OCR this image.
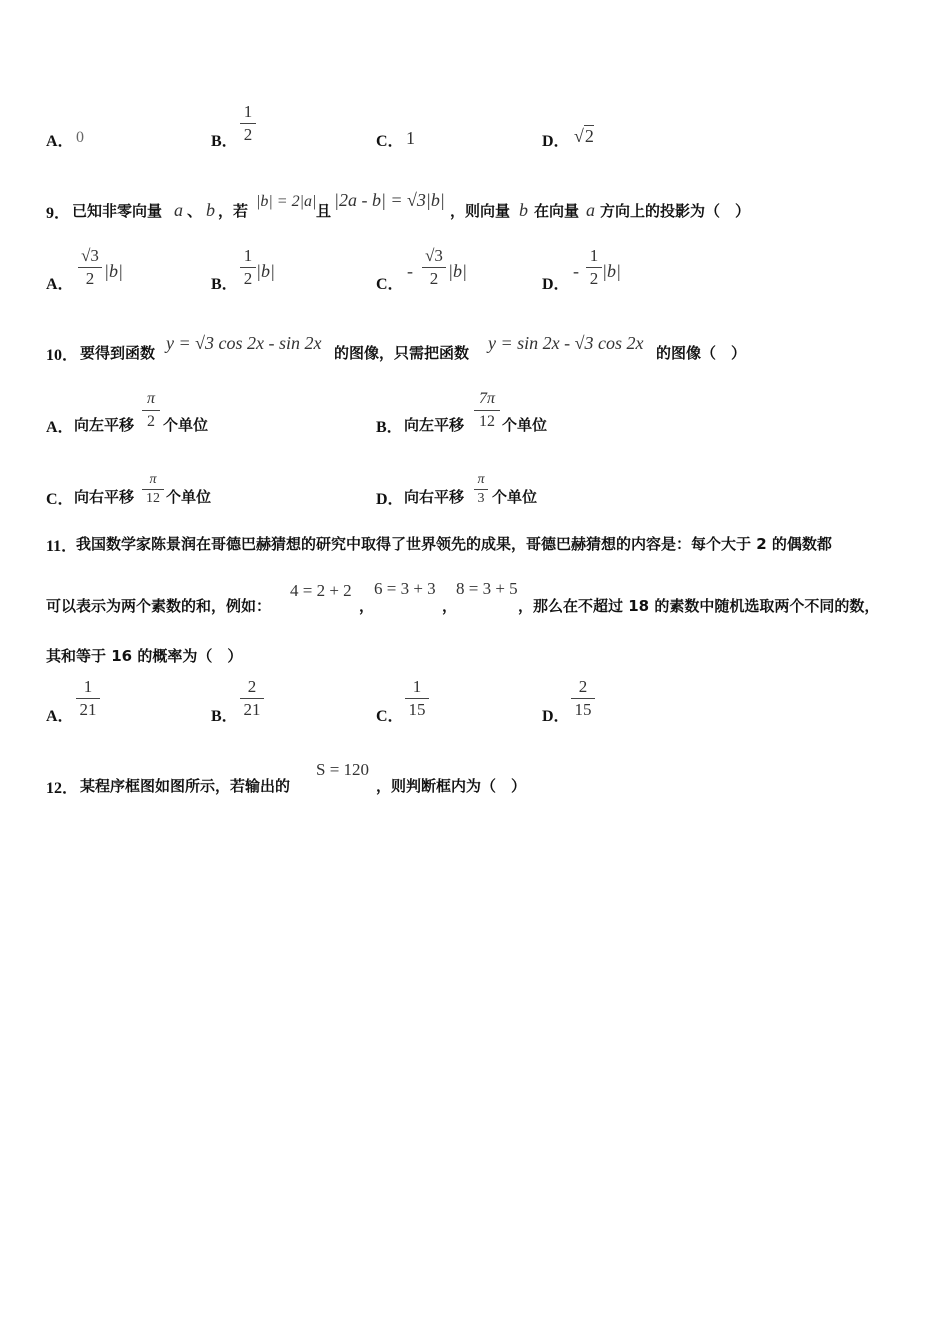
A． 0	B．
1
2	C． 1	D． √2
9． 已知非零向量 a 、 b ，若
|b| = 2|a|
且
|2a - b| = √3|b|
，则向量 b 在向量 a 方向上的投影为（　）
A．
√3
2 |b|
B．
1
2 |b|
C．
-
√3
2 |b|
D．
-
1
2 |b|
10． 要得到函数 y = √3 cos 2x - sin 2x 的图像，只需把函数 y = sin 2x - √3 cos 2x 的图像（　）
A． 向左平移
π
2 个单位	B． 向左平移
7π
12 个单位
C． 向右平移
π
12 个单位	D． 向右平移
π
3 个单位
11．
我国数学家陈景润在哥德巴赫猜想的研究中取得了世界领先的成果，哥德巴赫猜想的内容是：每个大于 2 的偶数都
可以表示为两个素数的和，例如：
4 = 2 + 2
，
6 = 3 + 3
，
8 = 3 + 5
，那么在不超过 18 的素数中随机选取两个不同的数，
其和等于 16 的概率为（　）
A．
1
21	B．
2
21	C．
1
15	D．
2
15
12． 某程序框图如图所示，若输出的
S = 120
，则判断框内为（　）
